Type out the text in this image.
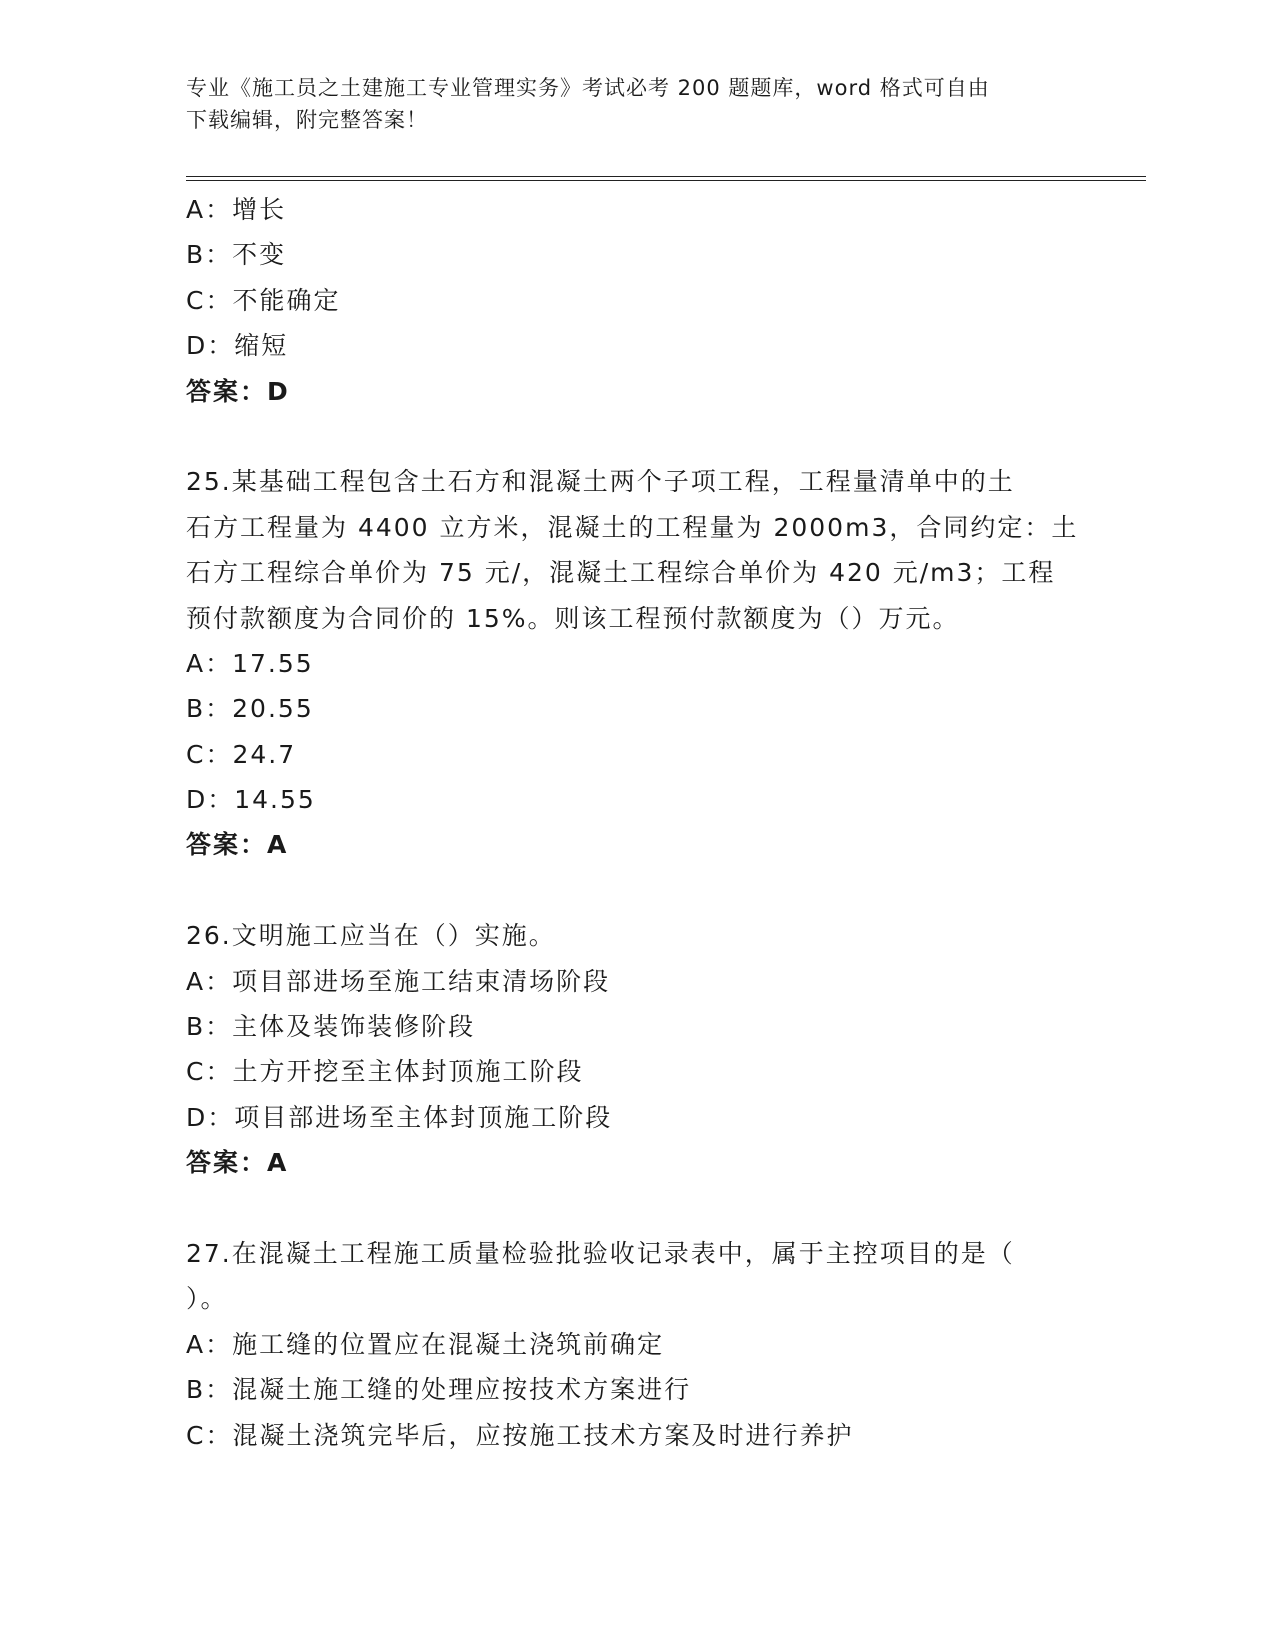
专业《施工员之土建施工专业管理实务》考试必考 200 题题库，word 格式可自由
下载编辑，附完整答案！
A：增长
B：不变
C：不能确定
D：缩短
答案：D
25.某基础工程包含土石方和混凝土两个子项工程，工程量清单中的土
石方工程量为 4400 立方米，混凝土的工程量为 2000m3，合同约定：土
石方工程综合单价为 75 元/，混凝土工程综合单价为 420 元/m3；工程
预付款额度为合同价的 15%。则该工程预付款额度为（）万元。
A：17.55
B：20.55
C：24.7
D：14.55
答案：A
26.文明施工应当在（）实施。
A：项目部进场至施工结束清场阶段
B：主体及装饰装修阶段
C：土方开挖至主体封顶施工阶段
D：项目部进场至主体封顶施工阶段
答案：A
27.在混凝土工程施工质量检验批验收记录表中，属于主控项目的是（
）。
A：施工缝的位置应在混凝土浇筑前确定
B：混凝土施工缝的处理应按技术方案进行
C：混凝土浇筑完毕后，应按施工技术方案及时进行养护
